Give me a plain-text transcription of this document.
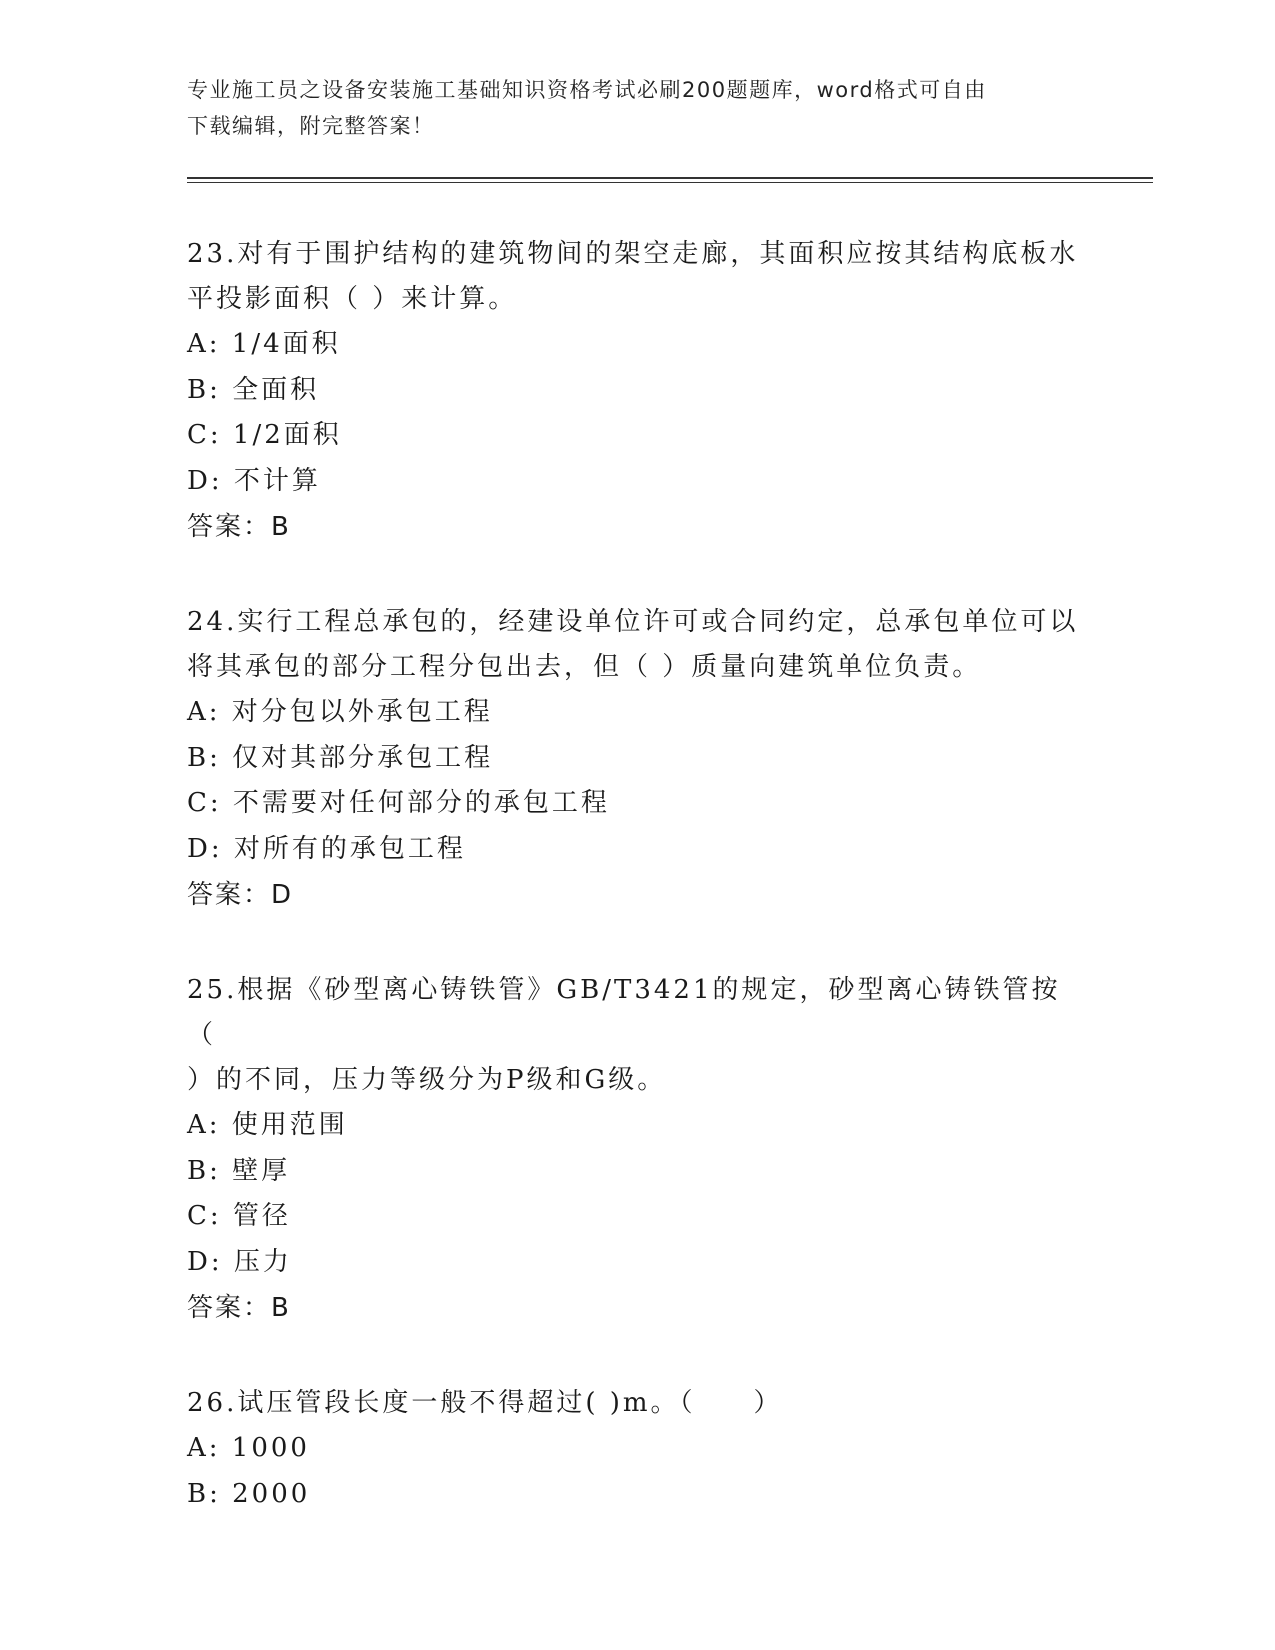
专业施工员之设备安装施工基础知识资格考试必刷200题题库，word格式可自由
下载编辑，附完整答案！

23.对有于围护结构的建筑物间的架空走廊，其面积应按其结构底板水

平投影面积（ ）来计算。

A: 1/4面积

B: 全面积

C: 1/2面积

D: 不计算

答案：B

24.实行工程总承包的，经建设单位许可或合同约定，总承包单位可以

将其承包的部分工程分包出去，但（ ）质量向建筑单位负责。

A: 对分包以外承包工程

B: 仅对其部分承包工程

C: 不需要对任何部分的承包工程

D: 对所有的承包工程

答案：D

25.根据《砂型离心铸铁管》GB/T3421的规定，砂型离心铸铁管按（

）的不同，压力等级分为P级和G级。

A: 使用范围

B: 壁厚

C: 管径

D: 压力

答案：B

26.试压管段长度一般不得超过( )m。（　　）

A: 1000

B: 2000
